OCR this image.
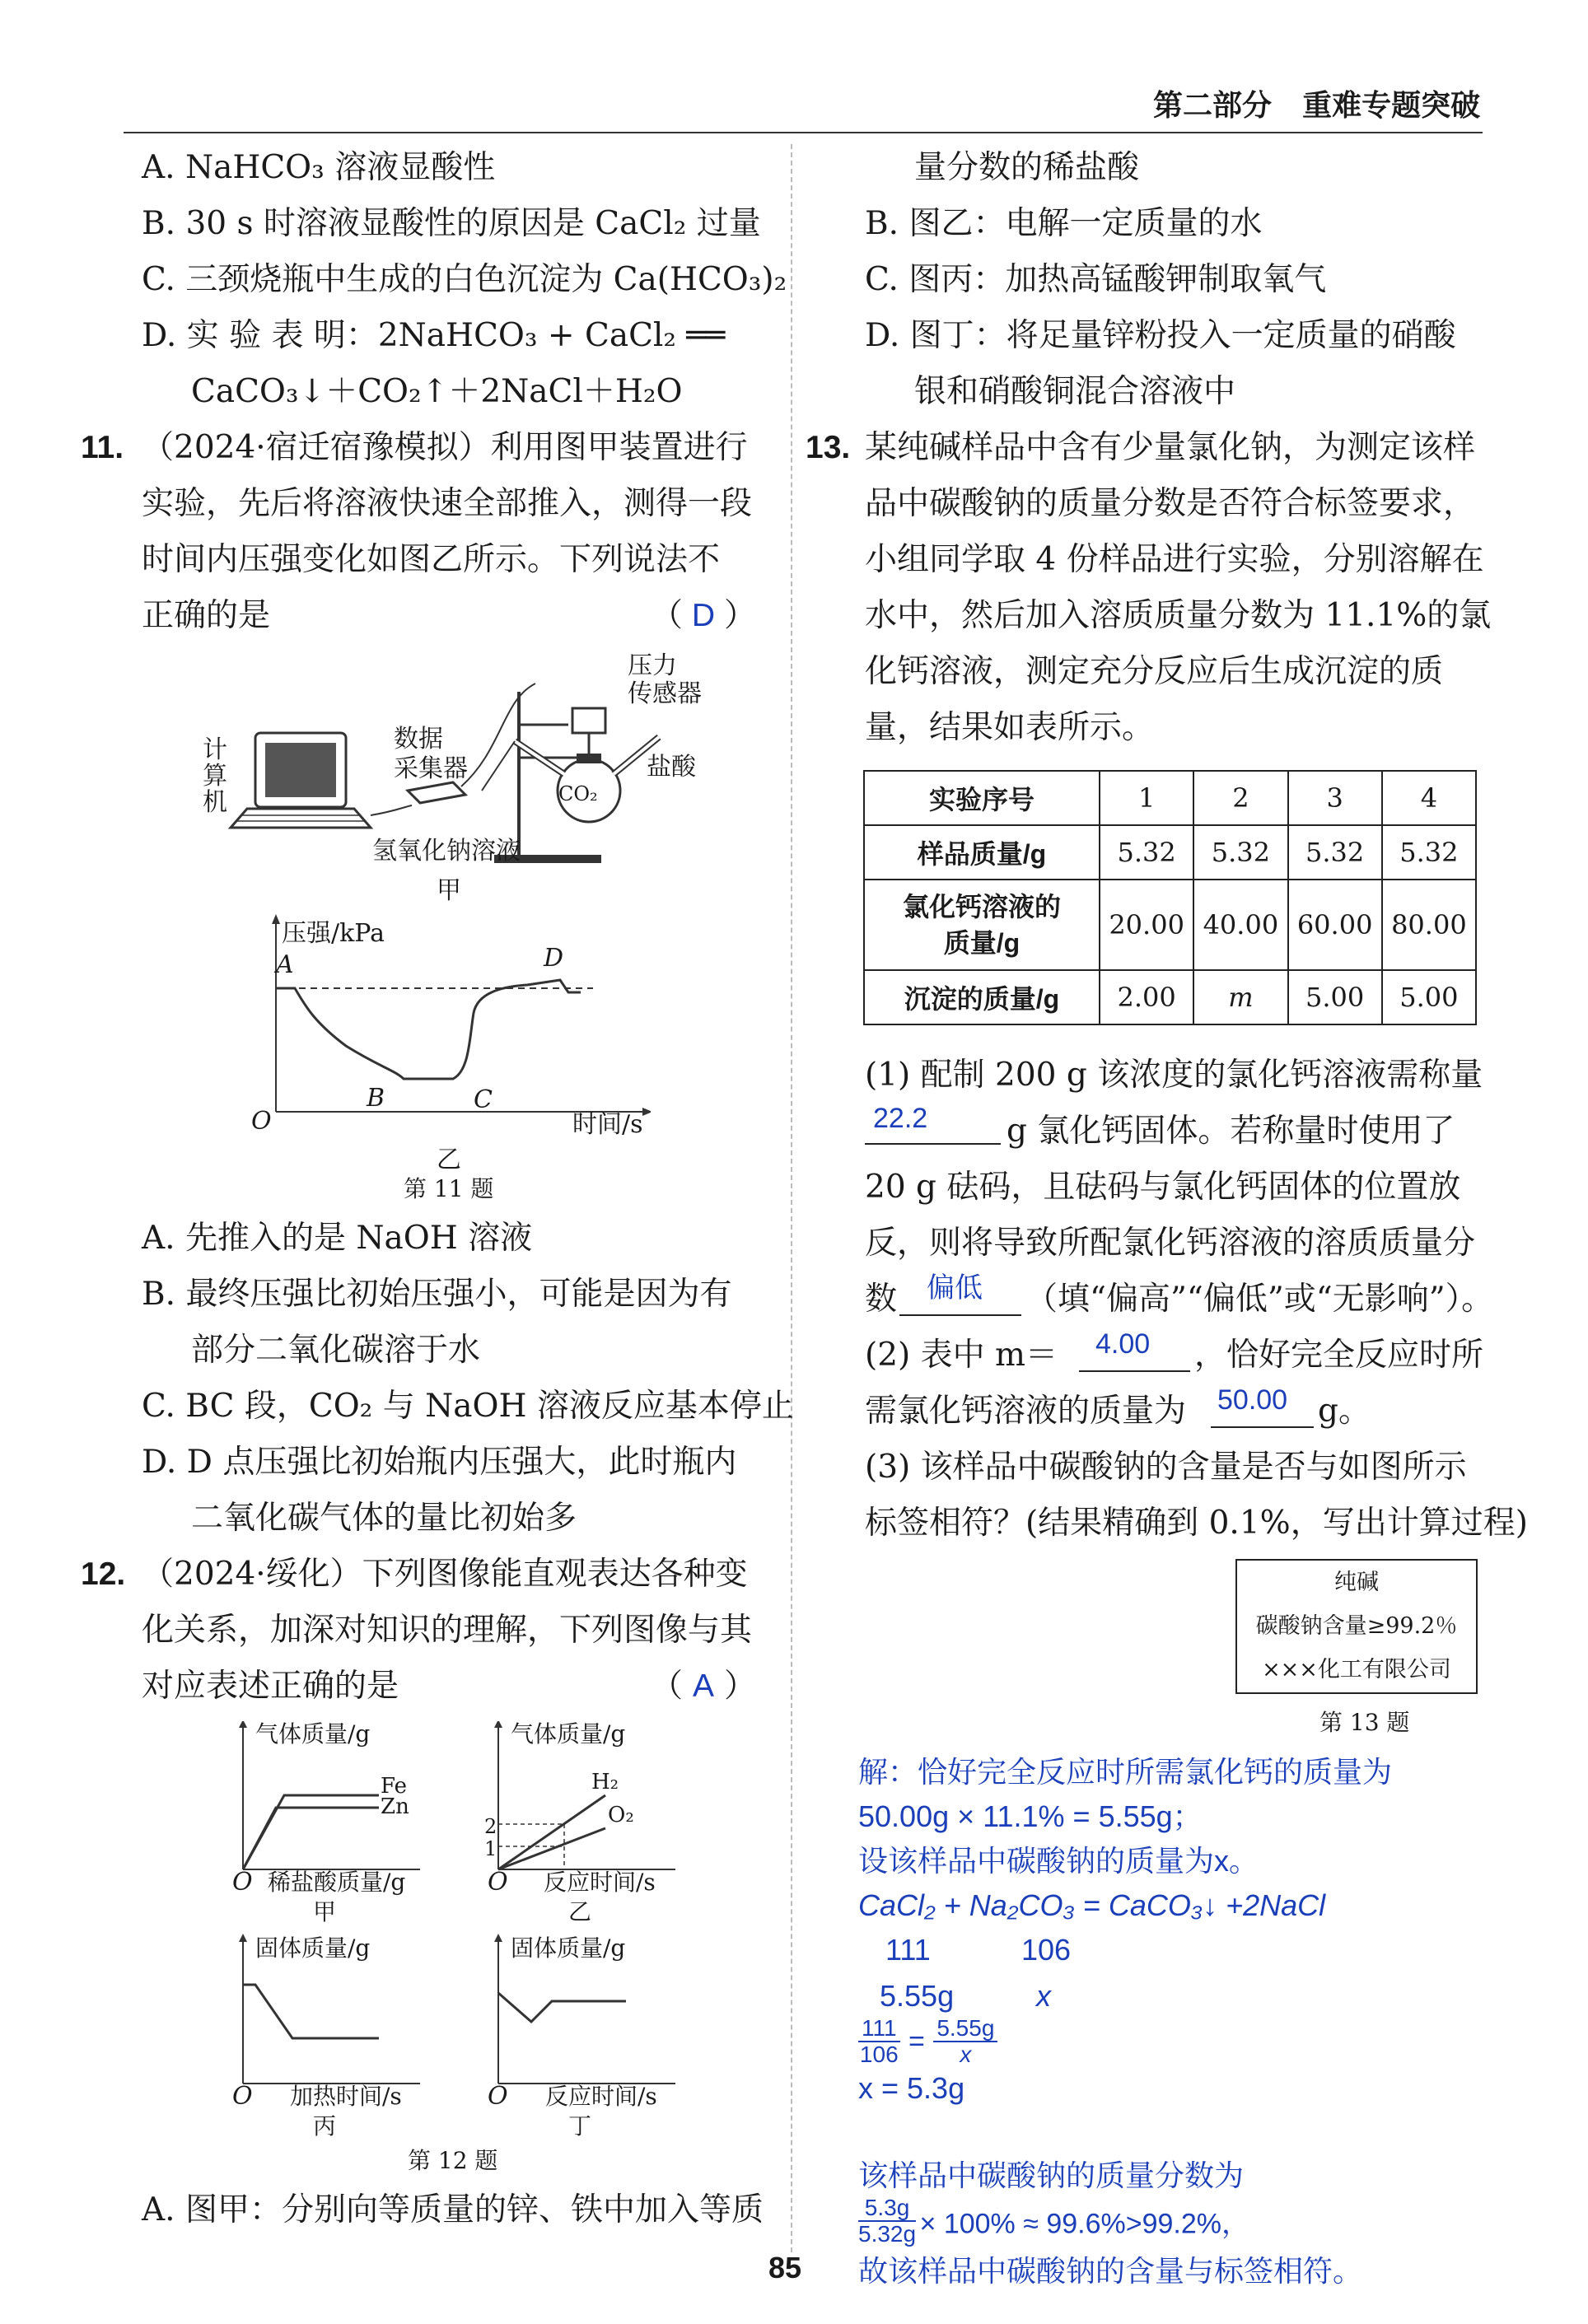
第二部分 重难专题突破
A. NaHCO₃ 溶液显酸性
B. 30 s 时溶液显酸性的原因是 CaCl₂ 过量
C. 三颈烧瓶中生成的白色沉淀为 Ca(HCO₃)₂
D. 实 验 表 明：2NaHCO₃ + CaCl₂ ══
CaCO₃↓＋CO₂↑＋2NaCl＋H₂O
11. （2024·宿迁宿豫模拟）利用图甲装置进行
实验，先后将溶液快速全部推入，测得一段
时间内压强变化如图乙所示。下列说法不
正确的是	（ D ）
计
算
机
数据
采集器
压力
传感器
盐酸
CO₂
氢氧化钠溶液
甲
压强/kPa
A
B	C
D
O	时间/s
乙
第 11 题
A. 先推入的是 NaOH 溶液
B. 最终压强比初始压强小，可能是因为有
部分二氧化碳溶于水
C. BC 段，CO₂ 与 NaOH 溶液反应基本停止
D. D 点压强比初始瓶内压强大，此时瓶内
二氧化碳气体的量比初始多
12. （2024·绥化）下列图像能直观表达各种变
化关系，加深对知识的理解，下列图像与其
对应表述正确的是	（ A ）
气体质量/g
Fe
Zn
O 稀盐酸质量/g
甲
气体质量/g
H₂
O₂
2
1
O 反应时间/s
乙
固体质量/g
O 加热时间/s
丙
固体质量/g
O 反应时间/s
丁
第 12 题
A. 图甲：分别向等质量的锌、铁中加入等质
量分数的稀盐酸
B. 图乙：电解一定质量的水
C. 图丙：加热高锰酸钾制取氧气
D. 图丁：将足量锌粉投入一定质量的硝酸
银和硝酸铜混合溶液中
13. 某纯碱样品中含有少量氯化钠，为测定该样
品中碳酸钠的质量分数是否符合标签要求，
小组同学取 4 份样品进行实验，分别溶解在
水中，然后加入溶质质量分数为 11.1%的氯
化钙溶液，测定充分反应后生成沉淀的质
量，结果如表所示。
实验序号	1	2	3	4
样品质量/g	5.32	5.32	5.32	5.32
氯化钙溶液的
质量/g	20.00	40.00	60.00	80.00
沉淀的质量/g	2.00	m	5.00	5.00
(1) 配制 200 g 该浓度的氯化钙溶液需称量
22.2 g 氯化钙固体。若称量时使用了
20 g 砝码，且砝码与氯化钙固体的位置放
反，则将导致所配氯化钙溶液的溶质质量分
数 偏低 （填“偏高”“偏低”或“无影响”）。
(2) 表中 m＝ 4.00 ，恰好完全反应时所
需氯化钙溶液的质量为 50.00 g。
(3) 该样品中碳酸钠的含量是否与如图所示
标签相符？(结果精确到 0.1%，写出计算过程)
纯碱
碳酸钠含量≥99.2％
×××化工有限公司
第 13 题
解：恰好完全反应时所需氯化钙的质量为
50.00g × 11.1% = 5.55g；
设该样品中碳酸钠的质量为x。
CaCl₂ + Na₂CO₃ = CaCO₃↓ +2NaCl
111	106
5.55g	x
$\frac{111}{106} = \frac{5.55g}{x}$
x = 5.3g
该样品中碳酸钠的质量分数为
$\frac{5.3g}{5.32g} \times 100\% \approx 99.6\%>99.2\%$，
故该样品中碳酸钠的含量与标签相符。
85
